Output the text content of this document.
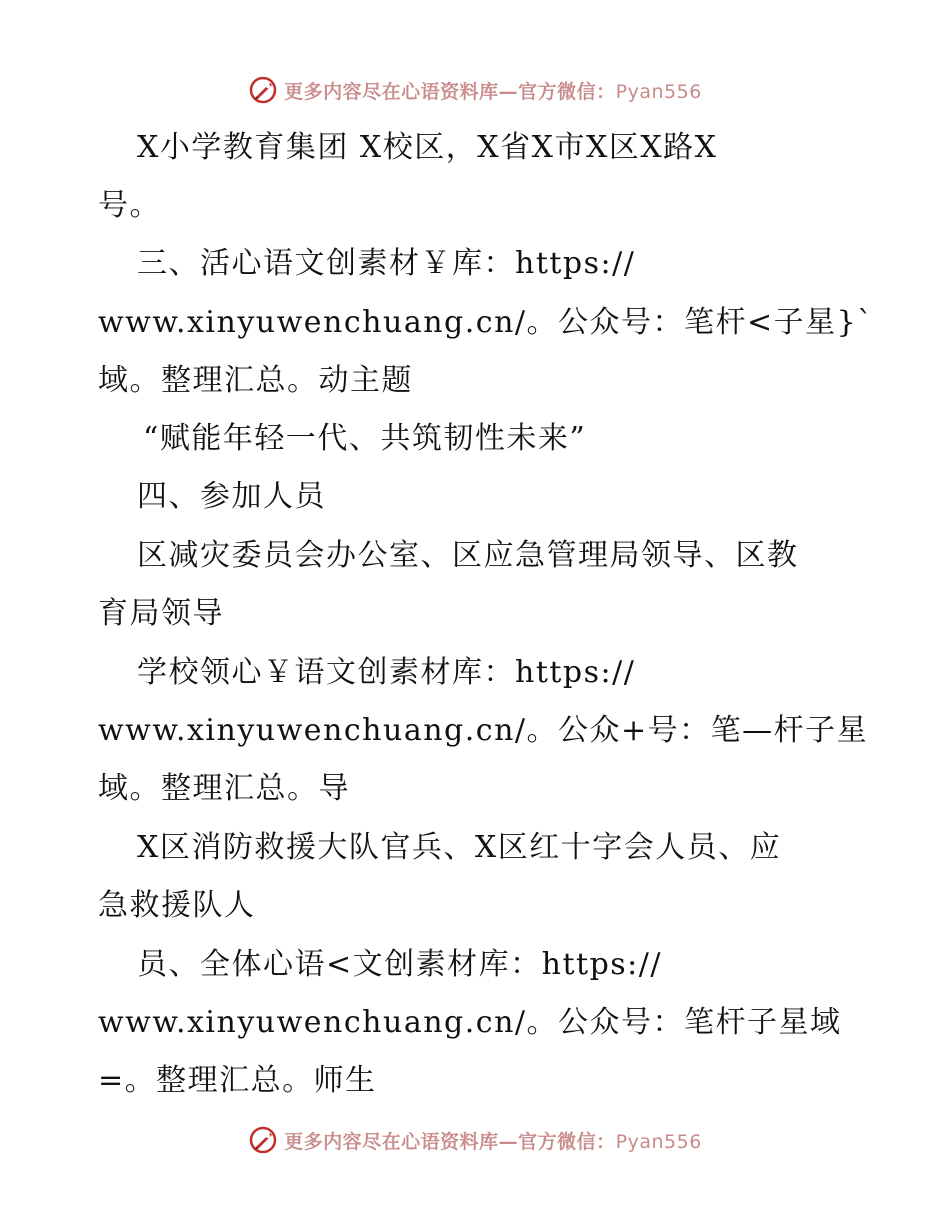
更多内容尽在心语资料库—官方微信：Pyan556
X小学教育集团 X校区，X省X市X区X路X
号。
三、活心语文创素材￥库：https://
www.xinyuwenchuang.cn/。公众号：笔杆<子星}`
域。整理汇总。动主题
“赋能年轻一代、共筑韧性未来”
四、参加人员
区减灾委员会办公室、区应急管理局领导、区教
育局领导
学校领心￥语文创素材库：https://
www.xinyuwenchuang.cn/。公众+号：笔—杆子星
域。整理汇总。导
X区消防救援大队官兵、X区红十字会人员、应
急救援队人
员、全体心语<文创素材库：https://
www.xinyuwenchuang.cn/。公众号：笔杆子星域
=。整理汇总。师生
更多内容尽在心语资料库—官方微信：Pyan556
